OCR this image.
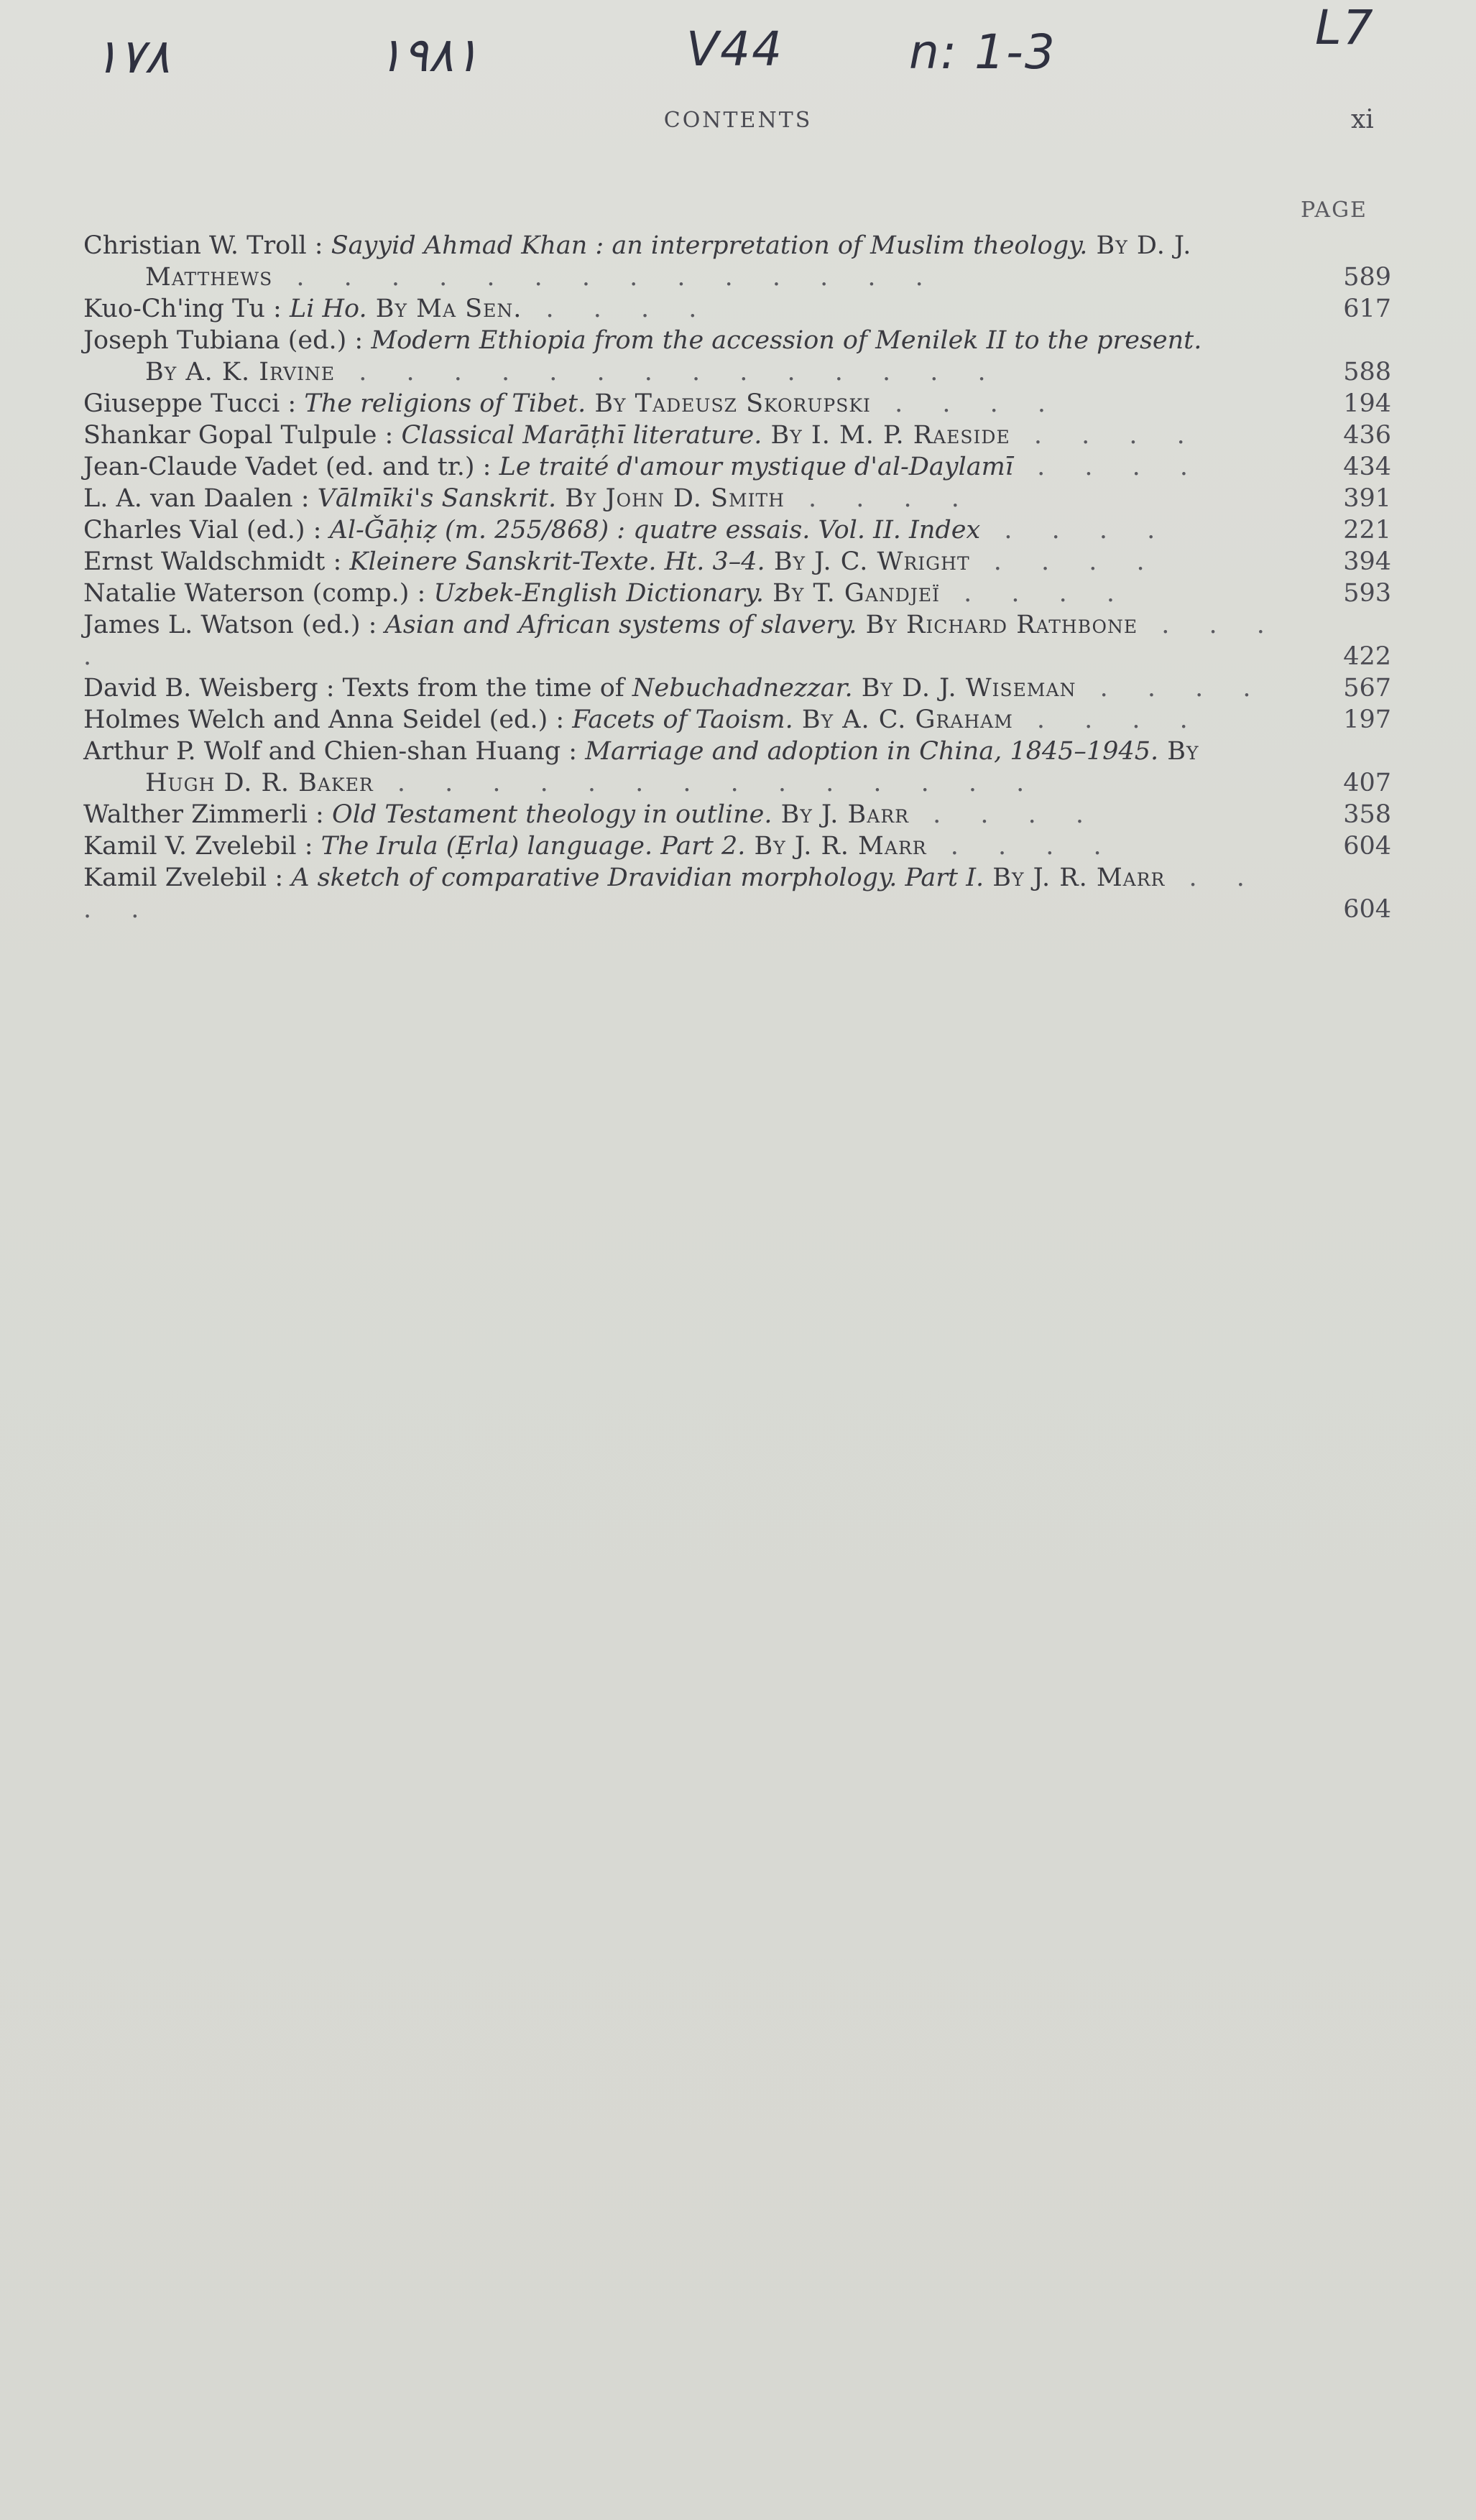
۱۷۸	۱۹۸۱	V44	n: 1-3	L7
CONTENTS	xi
PAGE
Christian W. Troll : Sayyid Ahmad Khan : an interpretation of Muslim theology. By D. J.
Matthews . . . . . . . . . . . . . .	589
Kuo-Ch'ing Tu : Li Ho. By Ma Sen. . . . .	617
Joseph Tubiana (ed.) : Modern Ethiopia from the accession of Menilek II to the present.
By A. K. Irvine . . . . . . . . . . . . . .	588
Giuseppe Tucci : The religions of Tibet. By Tadeusz Skorupski . . . .	194
Shankar Gopal Tulpule : Classical Marāṭhī literature. By I. M. P. Raeside . . . .	436
Jean-Claude Vadet (ed. and tr.) : Le traité d'amour mystique d'al-Daylamī . . . .	434
L. A. van Daalen : Vālmīki's Sanskrit. By John D. Smith . . . .	391
Charles Vial (ed.) : Al-Ǧāḥiẓ (m. 255/868) : quatre essais. Vol. II. Index . . . .	221
Ernst Waldschmidt : Kleinere Sanskrit-Texte. Ht. 3–4. By J. C. Wright . . . .	394
Natalie Waterson (comp.) : Uzbek-English Dictionary. By T. Gandjeï . . . .	593
James L. Watson (ed.) : Asian and African systems of slavery. By Richard Rathbone . . . .	422
David B. Weisberg : Texts from the time of Nebuchadnezzar. By D. J. Wiseman . . . .	567
Holmes Welch and Anna Seidel (ed.) : Facets of Taoism. By A. C. Graham . . . .	197
Arthur P. Wolf and Chien-shan Huang : Marriage and adoption in China, 1845–1945. By
Hugh D. R. Baker . . . . . . . . . . . . . .	407
Walther Zimmerli : Old Testament theology in outline. By J. Barr . . . .	358
Kamil V. Zvelebil : The Irula (Ẹrla) language. Part 2. By J. R. Marr . . . .	604
Kamil Zvelebil : A sketch of comparative Dravidian morphology. Part I. By J. R. Marr . . . .	604
